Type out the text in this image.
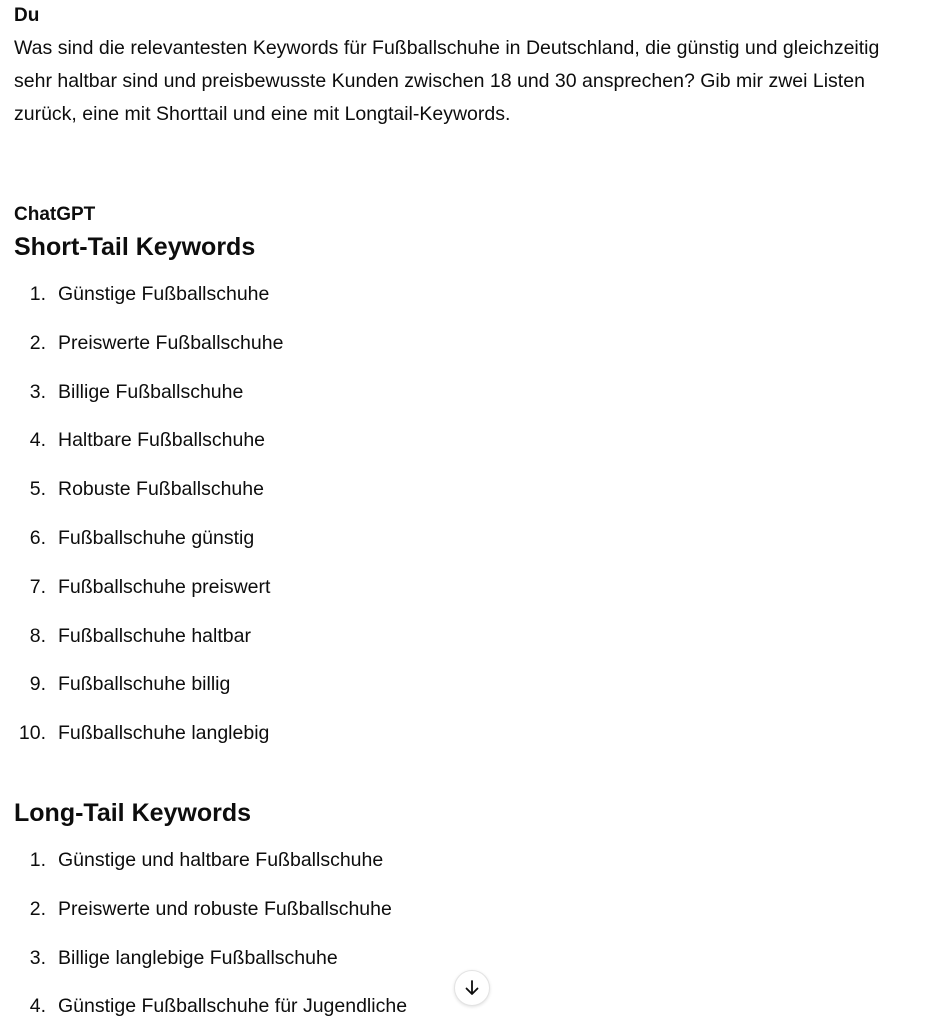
Du
Was sind die relevantesten Keywords für Fußballschuhe in Deutschland, die günstig und gleichzeitig sehr haltbar sind und preisbewusste Kunden zwischen 18 und 30 ansprechen? Gib mir zwei Listen zurück, eine mit Shorttail und eine mit Longtail-Keywords.
ChatGPT
Short-Tail Keywords
1. Günstige Fußballschuhe
2. Preiswerte Fußballschuhe
3. Billige Fußballschuhe
4. Haltbare Fußballschuhe
5. Robuste Fußballschuhe
6. Fußballschuhe günstig
7. Fußballschuhe preiswert
8. Fußballschuhe haltbar
9. Fußballschuhe billig
10. Fußballschuhe langlebig
Long-Tail Keywords
1. Günstige und haltbare Fußballschuhe
2. Preiswerte und robuste Fußballschuhe
3. Billige langlebige Fußballschuhe
4. Günstige Fußballschuhe für Jugendliche
